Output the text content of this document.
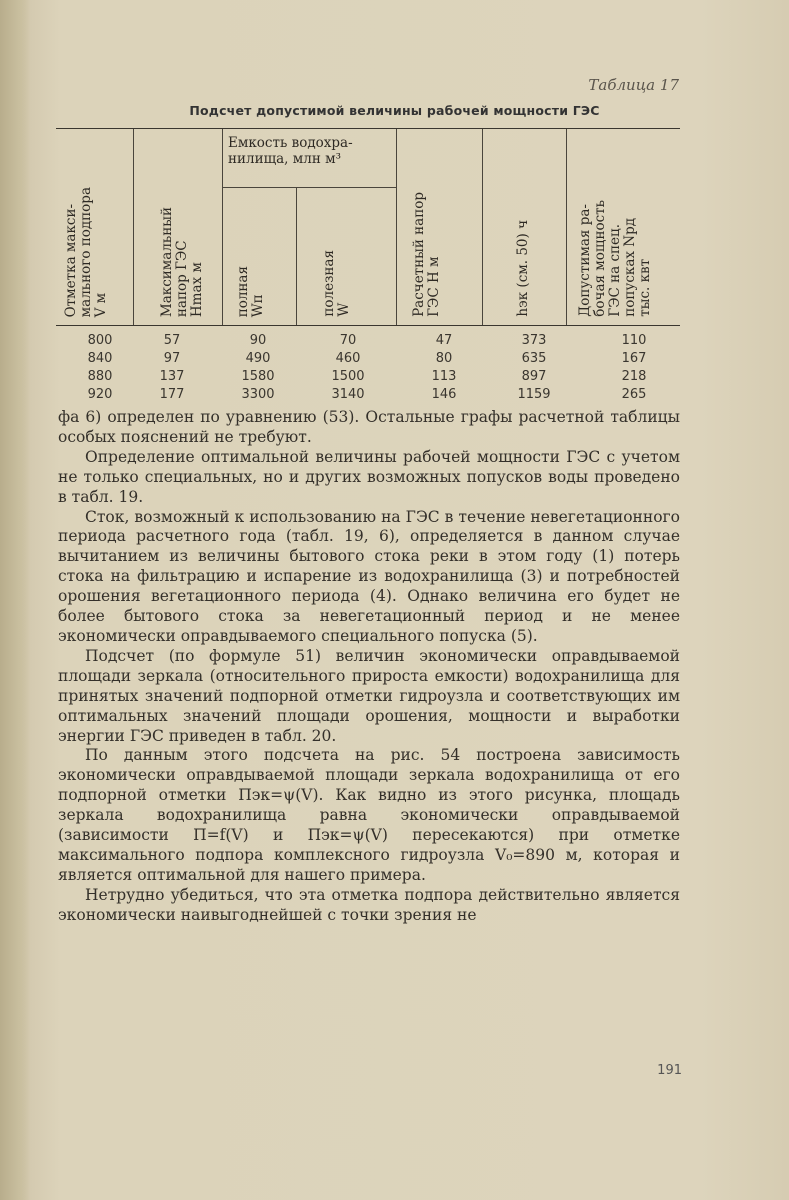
Таблица 17
Подсчет допустимой величины рабочей мощности ГЭС
Отметка макси-
мального подпора
V м	Максимальный
напор ГЭС
Hmax м
Емкость водохра-
нилища, млн м³
полная
Wп	полезная
W	Расчетный напор
ГЭС H м	hэк (см. 50) ч	Допустимая ра-
бочая мощность
ГЭС на спец.
попусках Nрд
тыс. квт
800	57	90	70	47	373	110
840	97	490	460	80	635	167
880	137	1580	1500	113	897	218
920	177	3300	3140	146	1159	265

фа 6) определен по уравнению (53). Остальные графы расчетной таблицы особых пояснений не требуют.

Определение оптимальной величины рабочей мощности ГЭС с учетом не только специальных, но и других возможных попусков воды проведено в табл. 19.

Сток, возможный к использованию на ГЭС в течение невегетационного периода расчетного года (табл. 19, 6), определяется в данном случае вычитанием из величины бытового стока реки в этом году (1) потерь стока на фильтрацию и испарение из водохранилища (3) и потребностей орошения вегетационного периода (4). Однако величина его будет не более бытового стока за невегетационный период и не менее экономически оправдываемого специального попуска (5).

Подсчет (по формуле 51) величин экономически оправдываемой площади зеркала (относительного прироста емкости) водохранилища для принятых значений подпорной отметки гидроузла и соответствующих им оптимальных значений площади орошения, мощности и выработки энергии ГЭС приведен в табл. 20.

По данным этого подсчета на рис. 54 построена зависимость экономически оправдываемой площади зеркала водохранилища от его подпорной отметки Пэк=ψ(V). Как видно из этого рисунка, площадь зеркала водохранилища равна экономически оправдываемой (зависимости П=f(V) и Пэк=ψ(V) пересекаются) при отметке максимального подпора комплексного гидроузла V₀=890 м, которая и является оптимальной для нашего примера.

Нетрудно убедиться, что эта отметка подпора действительно является экономически наивыгоднейшей с точки зрения не

191
